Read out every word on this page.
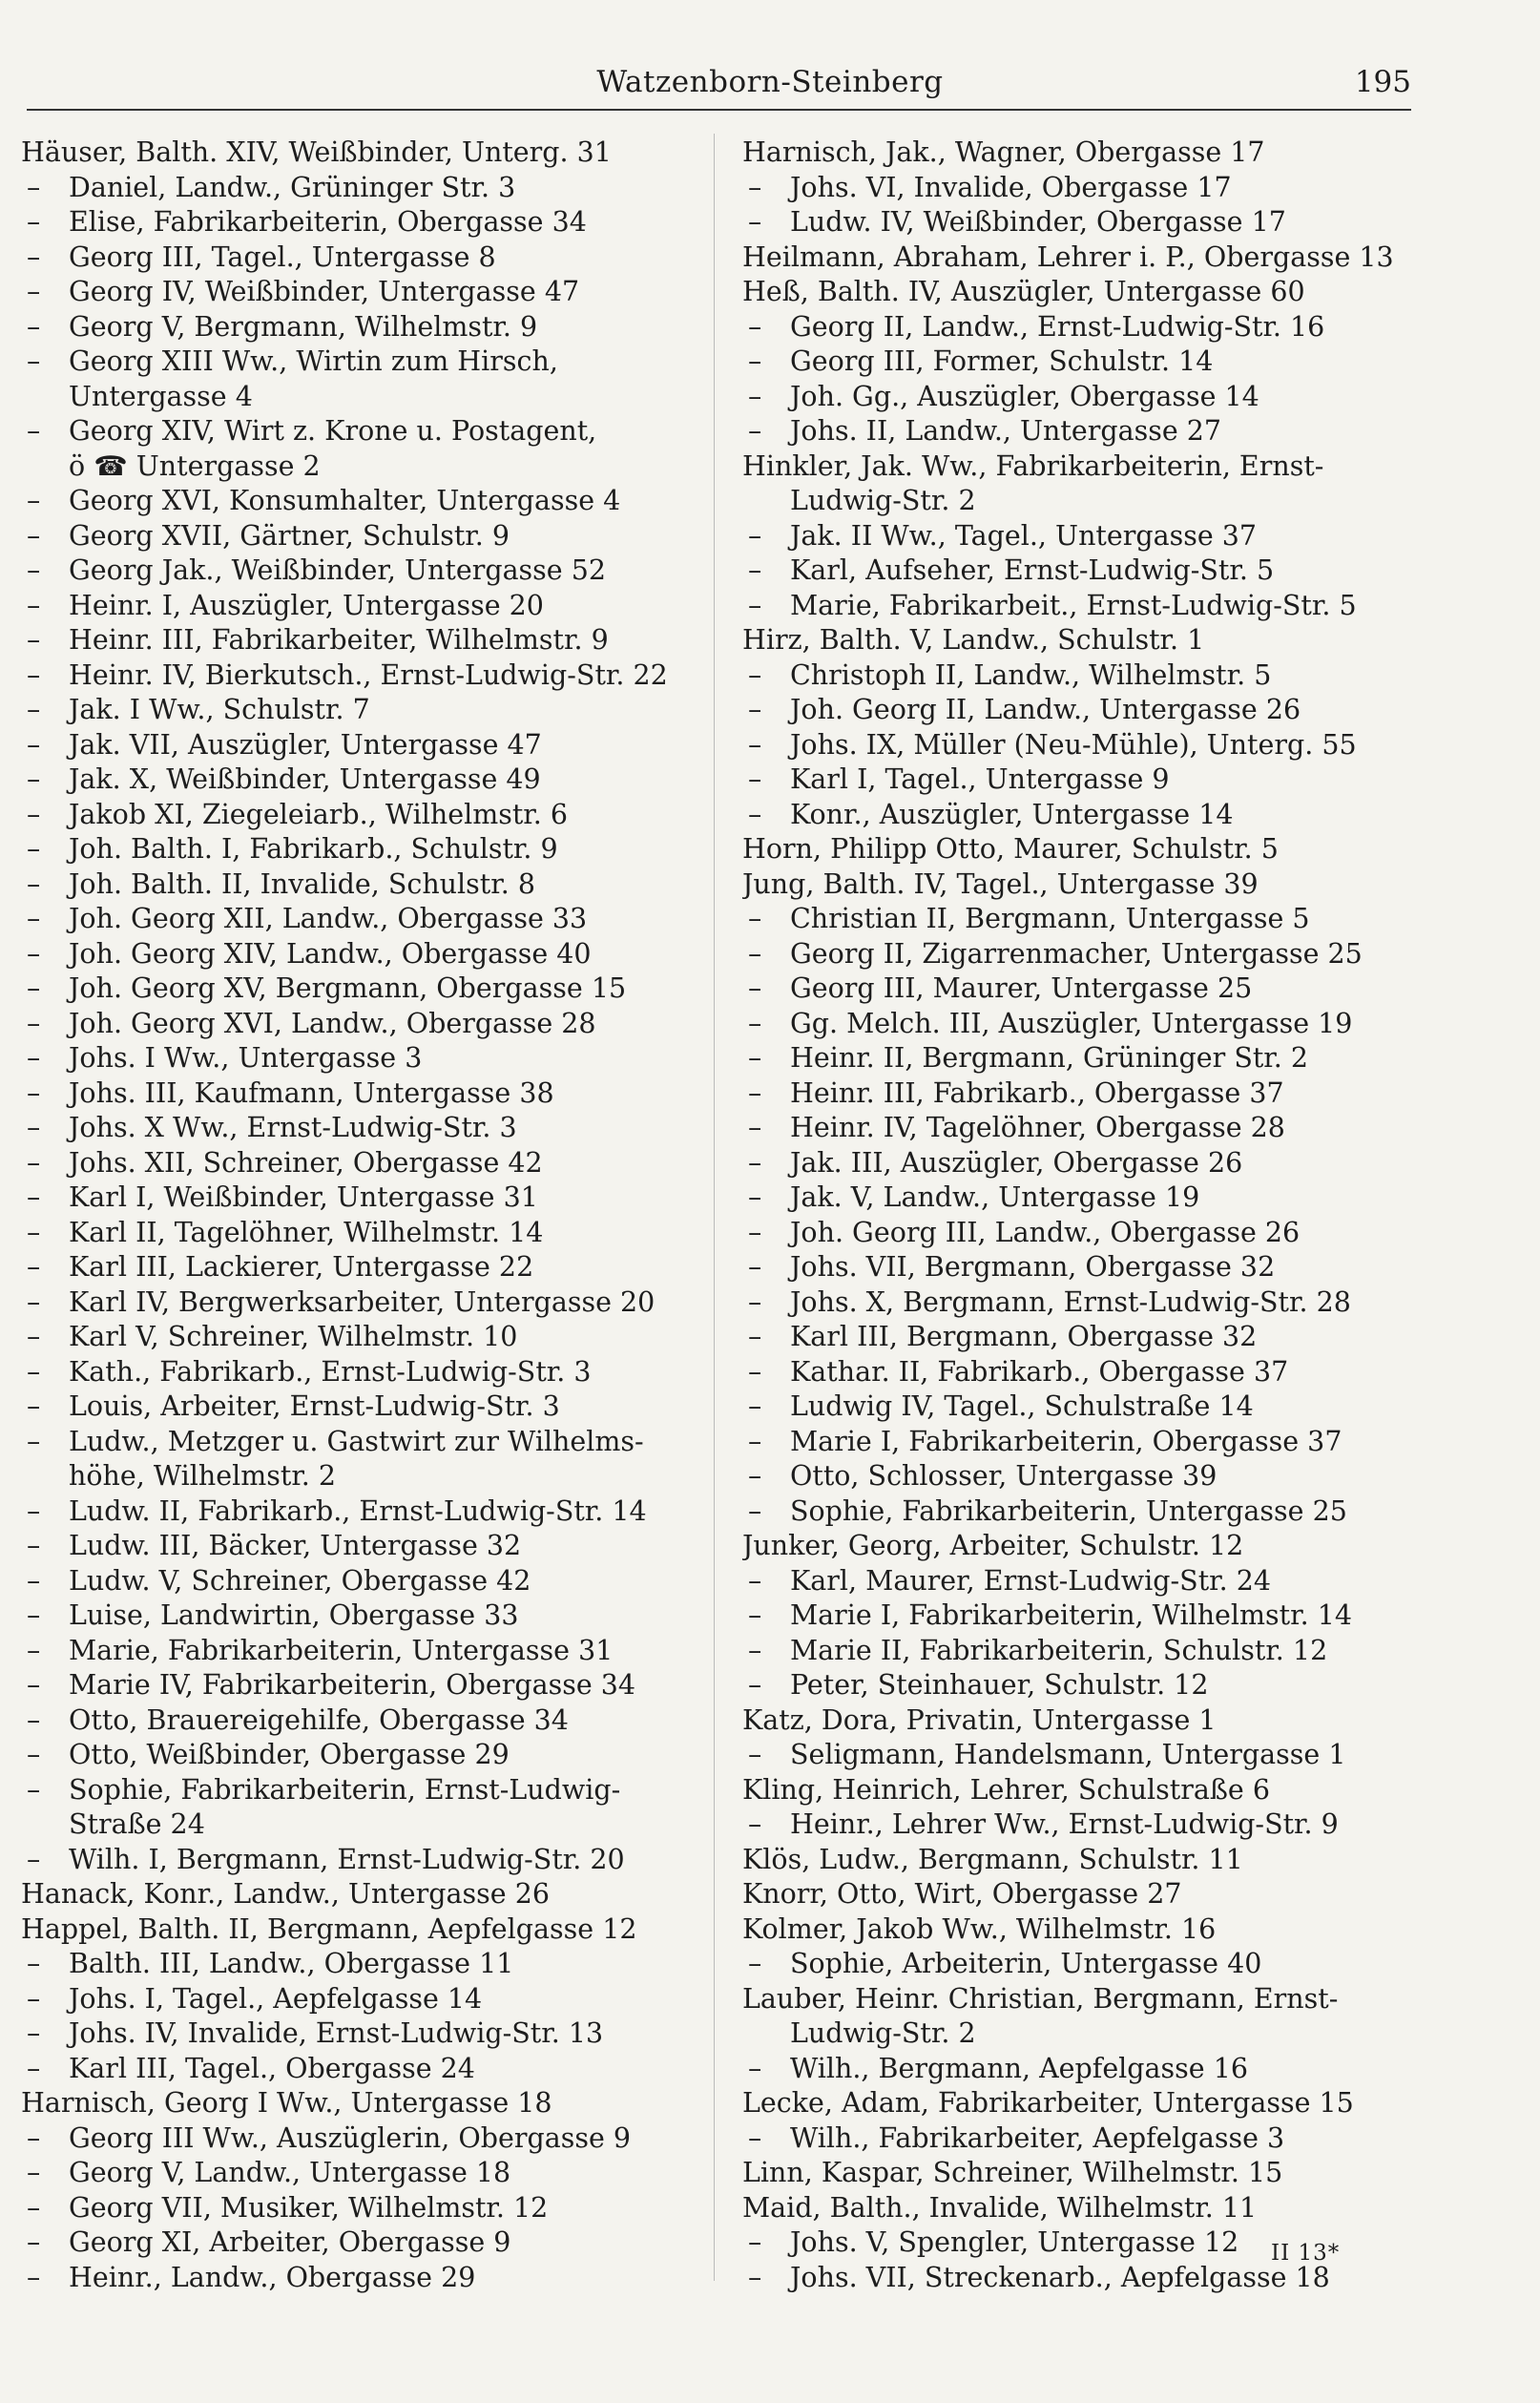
Watzenborn-Steinberg	195
Häuser, Balth. XIV, Weißbinder, Unterg. 31
– Daniel, Landw., Grüninger Str. 3
– Elise, Fabrikarbeiterin, Obergasse 34
– Georg III, Tagel., Untergasse 8
– Georg IV, Weißbinder, Untergasse 47
– Georg V, Bergmann, Wilhelmstr. 9
– Georg XIII Ww., Wirtin zum Hirsch,
Untergasse 4
– Georg XIV, Wirt z. Krone u. Postagent,
ö ☎ Untergasse 2
– Georg XVI, Konsumhalter, Untergasse 4
– Georg XVII, Gärtner, Schulstr. 9
– Georg Jak., Weißbinder, Untergasse 52
– Heinr. I, Auszügler, Untergasse 20
– Heinr. III, Fabrikarbeiter, Wilhelmstr. 9
– Heinr. IV, Bierkutsch., Ernst-Ludwig-Str. 22
– Jak. I Ww., Schulstr. 7
– Jak. VII, Auszügler, Untergasse 47
– Jak. X, Weißbinder, Untergasse 49
– Jakob XI, Ziegeleiarb., Wilhelmstr. 6
– Joh. Balth. I, Fabrikarb., Schulstr. 9
– Joh. Balth. II, Invalide, Schulstr. 8
– Joh. Georg XII, Landw., Obergasse 33
– Joh. Georg XIV, Landw., Obergasse 40
– Joh. Georg XV, Bergmann, Obergasse 15
– Joh. Georg XVI, Landw., Obergasse 28
– Johs. I Ww., Untergasse 3
– Johs. III, Kaufmann, Untergasse 38
– Johs. X Ww., Ernst-Ludwig-Str. 3
– Johs. XII, Schreiner, Obergasse 42
– Karl I, Weißbinder, Untergasse 31
– Karl II, Tagelöhner, Wilhelmstr. 14
– Karl III, Lackierer, Untergasse 22
– Karl IV, Bergwerksarbeiter, Untergasse 20
– Karl V, Schreiner, Wilhelmstr. 10
– Kath., Fabrikarb., Ernst-Ludwig-Str. 3
– Louis, Arbeiter, Ernst-Ludwig-Str. 3
– Ludw., Metzger u. Gastwirt zur Wilhelms-
höhe, Wilhelmstr. 2
– Ludw. II, Fabrikarb., Ernst-Ludwig-Str. 14
– Ludw. III, Bäcker, Untergasse 32
– Ludw. V, Schreiner, Obergasse 42
– Luise, Landwirtin, Obergasse 33
– Marie, Fabrikarbeiterin, Untergasse 31
– Marie IV, Fabrikarbeiterin, Obergasse 34
– Otto, Brauereigehilfe, Obergasse 34
– Otto, Weißbinder, Obergasse 29
– Sophie, Fabrikarbeiterin, Ernst-Ludwig-
Straße 24
– Wilh. I, Bergmann, Ernst-Ludwig-Str. 20
Hanack, Konr., Landw., Untergasse 26
Happel, Balth. II, Bergmann, Aepfelgasse 12
– Balth. III, Landw., Obergasse 11
– Johs. I, Tagel., Aepfelgasse 14
– Johs. IV, Invalide, Ernst-Ludwig-Str. 13
– Karl III, Tagel., Obergasse 24
Harnisch, Georg I Ww., Untergasse 18
– Georg III Ww., Auszüglerin, Obergasse 9
– Georg V, Landw., Untergasse 18
– Georg VII, Musiker, Wilhelmstr. 12
– Georg XI, Arbeiter, Obergasse 9
– Heinr., Landw., Obergasse 29
Harnisch, Jak., Wagner, Obergasse 17
– Johs. VI, Invalide, Obergasse 17
– Ludw. IV, Weißbinder, Obergasse 17
Heilmann, Abraham, Lehrer i. P., Obergasse 13
Heß, Balth. IV, Auszügler, Untergasse 60
– Georg II, Landw., Ernst-Ludwig-Str. 16
– Georg III, Former, Schulstr. 14
– Joh. Gg., Auszügler, Obergasse 14
– Johs. II, Landw., Untergasse 27
Hinkler, Jak. Ww., Fabrikarbeiterin, Ernst-
Ludwig-Str. 2
– Jak. II Ww., Tagel., Untergasse 37
– Karl, Aufseher, Ernst-Ludwig-Str. 5
– Marie, Fabrikarbeit., Ernst-Ludwig-Str. 5
Hirz, Balth. V, Landw., Schulstr. 1
– Christoph II, Landw., Wilhelmstr. 5
– Joh. Georg II, Landw., Untergasse 26
– Johs. IX, Müller (Neu-Mühle), Unterg. 55
– Karl I, Tagel., Untergasse 9
– Konr., Auszügler, Untergasse 14
Horn, Philipp Otto, Maurer, Schulstr. 5
Jung, Balth. IV, Tagel., Untergasse 39
– Christian II, Bergmann, Untergasse 5
– Georg II, Zigarrenmacher, Untergasse 25
– Georg III, Maurer, Untergasse 25
– Gg. Melch. III, Auszügler, Untergasse 19
– Heinr. II, Bergmann, Grüninger Str. 2
– Heinr. III, Fabrikarb., Obergasse 37
– Heinr. IV, Tagelöhner, Obergasse 28
– Jak. III, Auszügler, Obergasse 26
– Jak. V, Landw., Untergasse 19
– Joh. Georg III, Landw., Obergasse 26
– Johs. VII, Bergmann, Obergasse 32
– Johs. X, Bergmann, Ernst-Ludwig-Str. 28
– Karl III, Bergmann, Obergasse 32
– Kathar. II, Fabrikarb., Obergasse 37
– Ludwig IV, Tagel., Schulstraße 14
– Marie I, Fabrikarbeiterin, Obergasse 37
– Otto, Schlosser, Untergasse 39
– Sophie, Fabrikarbeiterin, Untergasse 25
Junker, Georg, Arbeiter, Schulstr. 12
– Karl, Maurer, Ernst-Ludwig-Str. 24
– Marie I, Fabrikarbeiterin, Wilhelmstr. 14
– Marie II, Fabrikarbeiterin, Schulstr. 12
– Peter, Steinhauer, Schulstr. 12
Katz, Dora, Privatin, Untergasse 1
– Seligmann, Handelsmann, Untergasse 1
Kling, Heinrich, Lehrer, Schulstraße 6
– Heinr., Lehrer Ww., Ernst-Ludwig-Str. 9
Klös, Ludw., Bergmann, Schulstr. 11
Knorr, Otto, Wirt, Obergasse 27
Kolmer, Jakob Ww., Wilhelmstr. 16
– Sophie, Arbeiterin, Untergasse 40
Lauber, Heinr. Christian, Bergmann, Ernst-
Ludwig-Str. 2
– Wilh., Bergmann, Aepfelgasse 16
Lecke, Adam, Fabrikarbeiter, Untergasse 15
– Wilh., Fabrikarbeiter, Aepfelgasse 3
Linn, Kaspar, Schreiner, Wilhelmstr. 15
Maid, Balth., Invalide, Wilhelmstr. 11
– Johs. V, Spengler, Untergasse 12
– Johs. VII, Streckenarb., Aepfelgasse 18
II 13*
